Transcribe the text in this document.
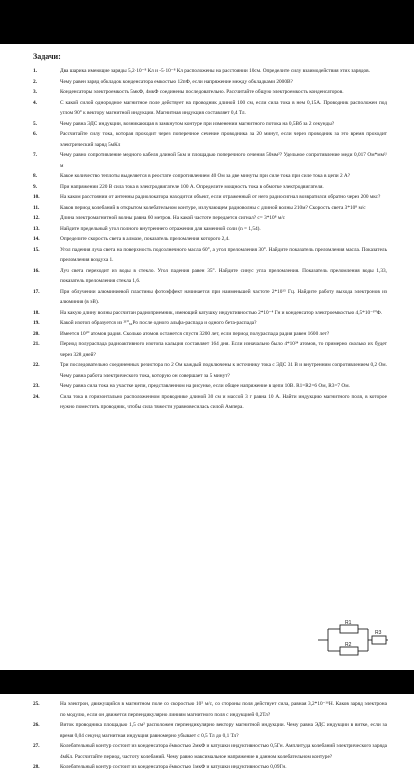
Задачи:
1.	Два шарика имеющие заряды 5,2·10⁻⁸ Кл и -5·10⁻⁸ Кл расположены на расстоянии 10см. Определите силу взаимодействия этих зарядов.
2.	Чему равен заряд обкладок конденсатора емкостью 12пФ, если напряжение между обкладками 2000В?
3.	Конденсаторы электроемкость 5мкФ, 4мкФ соединены последовательно. Рассчитайте общую электроемкость конденсаторов.
4.	С какой силой однородное магнитное поле действует на проводник длиной 100 см, если сила тока в нем 0,15А. Проводник расположен под углом 90° к вектору магнитной индукции. Магнитная индукция составляет 0,4 Тл.
5.	Чему равна ЭДС индукции, возникающая в замкнутом контуре при изменении магнитного потока на 0,5Вб за 2 секунды?
6.	Рассчитайте силу тока, которая проходит через поперечное сечение проводника за 20 минут, если через проводник за это время проходит электрический заряд 5мКл
7.	Чему равно сопротивление медного кабеля длиной 5км и площадью поперечного сечения 50мм²? Удельное сопротивление меди 0,017 Ом*мм²/м
8.	Какое количество теплоты выделяется в реостате сопротивлением 40 Ом за две минуты при силе тока при силе тока в цепи 2 А?
9.	При напряжении 220 В сила тока в электродвигателе 100 А. Определите мощность тока в обмотке электродвигателя.
10.	На каком расстоянии от антенны радиолокатора находится объект, если отраженный от него радиосигнал возвратился обратно через 200 мкс?
11.	Каков период колебаний в открытом колебательном контуре, излучающем радиоволны с длиной волны 210м? Скорость света 3*10⁸ м/с
12.	Длина электромагнитной волны равна 60 метров. На какой частоте передается сигнал? с= 3*10⁸ м/с
13.	Найдите предельный угол полного внутреннего отражения для каменной соли (n = 1,54).
14.	Определите скорость света в алмазе, показатель преломления которого 2,4.
15.	Угол падения луча света на поверхность подсолнечного масла 60°, а угол преломления 30°. Найдите показатель преломления масла. Показатель преломления воздуха 1.
16.	Луч света переходит из воды в стекло. Угол падения равен 35°. Найдите синус угла преломления. Показатель преломления воды 1,33, показатель преломления стекла 1,6.
17.	При облучении алюминиевой пластины фотоэффект начинается при наименьшей частоте 2*10¹⁵ Гц. Найдите работу выхода электронов из алюминия (в эВ).
18.	На какую длину волны рассчитан радиоприемник, имеющий катушку индуктивностью 2*10⁻⁴ Гн и конденсатор электроемкостью 4,5*10⁻¹⁰Ф.
19.	Какой изотоп образуется из ²¹⁰₈₄Po после одного альфа-распада и одного бета-распада?
20.	Имеется 10¹⁰ атомов радия. Сколько атомов останется спустя 3200 лет, если период полураспада радия равен 1600 лет?
21.	Период полураспада радиоактивного изотопа кальция составляет 164 дня. Если изначально было 4*10²⁴ атомов, то примерно сколько их будет через 328 дней?
22.	Три последовательно соединенных резистора по 2 Ом каждый подключены к источнику тока с ЭДС 31 В и внутренним сопротивлением 0,2 Ом. Чему равна работа электрического тока, которую он совершает за 5 минут?
23.	Чему равна сила тока на участке цепи, представленном на рисунке, если общее напряжение в цепи 10В. R1=R2=6 Ом, R3=7 Ом.
24.	Сила тока в горизонтально расположенном проводнике длиной 30 см и массой 3 г равна 10 А. Найти индукцию магнитного поля, в которое нужно поместить проводник, чтобы сила тяжести уравновесилась силой Ампера.
R1
R2
R3
25.	На электрон, движущийся в магнитном поле со скоростью 10⁵ м/с, со стороны поля действует сила, равная 3,2*10⁻¹⁶Н. Каков заряд электрона по модулю, если он движется перпендикулярно линиям магнитного поля с индукцией 0,2Тл?
26.	Виток проводника площадью 1,5 см² расположен перпендикулярно вектору магнитной индукции. Чему равна ЭДС индукции в витке, если за время 0,04 секунд магнитная индукция равномерно убывает с 0,5 Тл до 0,1 Тл?
27.	Колебательный контур состоит из конденсатора ёмкостью 2мкФ и катушки индуктивностью 0,5Гн. Амплитуда колебаний электрического заряда 4мКл. Рассчитайте период, частоту колебаний. Чему равно максимальное напряжение в данном колебательном контуре?
28.	Колебательный контур состоит из конденсатора ёмкостью 1мкФ и катушки индуктивностью 0,09Гн.
